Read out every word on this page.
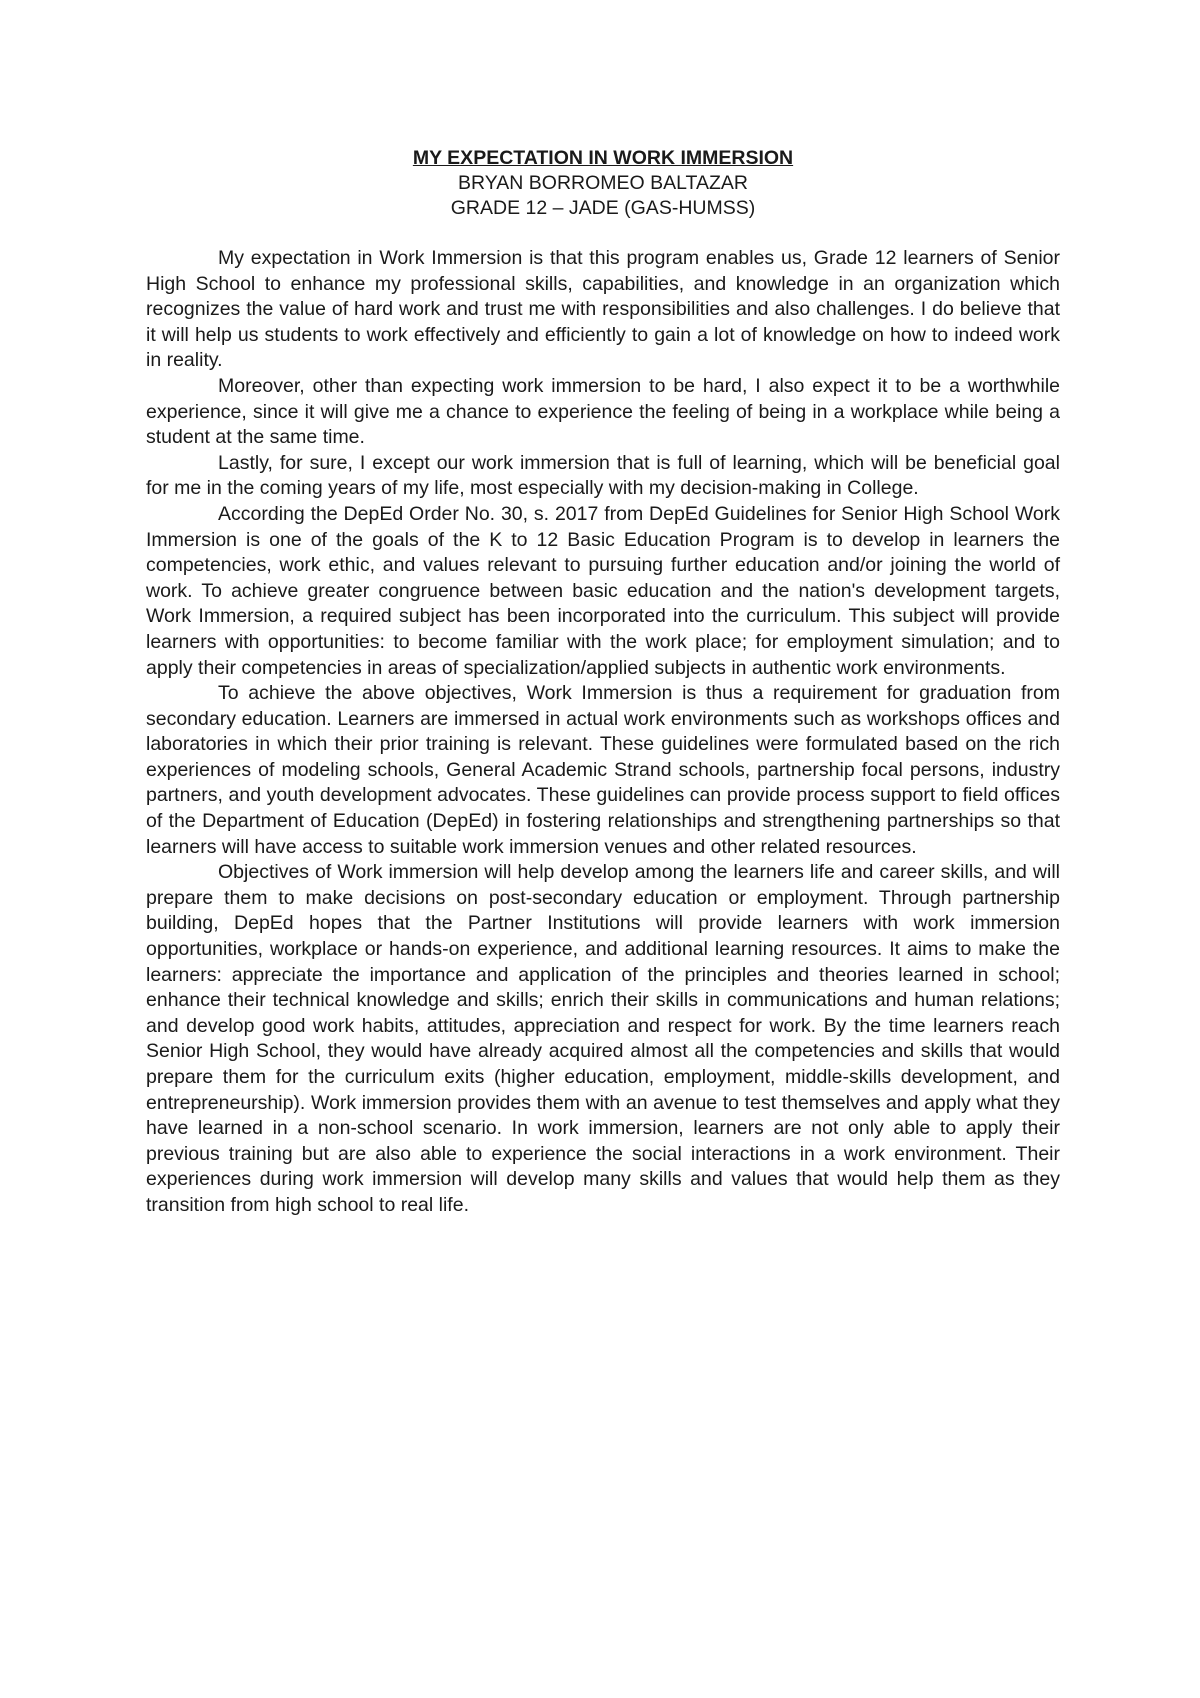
MY EXPECTATION IN WORK IMMERSION

BRYAN BORROMEO BALTAZAR

GRADE 12 – JADE (GAS-HUMSS)

My expectation in Work Immersion is that this program enables us, Grade 12 learners of Senior High School to enhance my professional skills, capabilities, and knowledge in an organization which recognizes the value of hard work and trust me with responsibilities and also challenges. I do believe that it will help us students to work effectively and efficiently to gain a lot of knowledge on how to indeed work in reality.

Moreover, other than expecting work immersion to be hard, I also expect it to be a worthwhile experience, since it will give me a chance to experience the feeling of being in a workplace while being a student at the same time.

Lastly, for sure, I except our work immersion that is full of learning, which will be beneficial goal for me in the coming years of my life, most especially with my decision-making in College.

According the DepEd Order No. 30, s. 2017 from DepEd Guidelines for Senior High School Work Immersion is one of the goals of the K to 12 Basic Education Program is to develop in learners the competencies, work ethic, and values relevant to pursuing further education and/or joining the world of work. To achieve greater congruence between basic education and the nation's development targets, Work Immersion, a required subject has been incorporated into the curriculum. This subject will provide learners with opportunities: to become familiar with the work place; for employment simulation; and to apply their competencies in areas of specialization/applied subjects in authentic work environments.

To achieve the above objectives, Work Immersion is thus a requirement for graduation from secondary education. Learners are immersed in actual work environments such as workshops offices and laboratories in which their prior training is relevant. These guidelines were formulated based on the rich experiences of modeling schools, General Academic Strand schools, partnership focal persons, industry partners, and youth development advocates. These guidelines can provide process support to field offices of the Department of Education (DepEd) in fostering relationships and strengthening partnerships so that learners will have access to suitable work immersion venues and other related resources.

Objectives of Work immersion will help develop among the learners life and career skills, and will prepare them to make decisions on post-secondary education or employment. Through partnership building, DepEd hopes that the Partner Institutions will provide learners with work immersion opportunities, workplace or hands-on experience, and additional learning resources. It aims to make the learners: appreciate the importance and application of the principles and theories learned in school; enhance their technical knowledge and skills; enrich their skills in communications and human relations; and develop good work habits, attitudes, appreciation and respect for work. By the time learners reach Senior High School, they would have already acquired almost all the competencies and skills that would prepare them for the curriculum exits (higher education, employment, middle-skills development, and entrepreneurship). Work immersion provides them with an avenue to test themselves and apply what they have learned in a non-school scenario. In work immersion, learners are not only able to apply their previous training but are also able to experience the social interactions in a work environment. Their experiences during work immersion will develop many skills and values that would help them as they transition from high school to real life.
